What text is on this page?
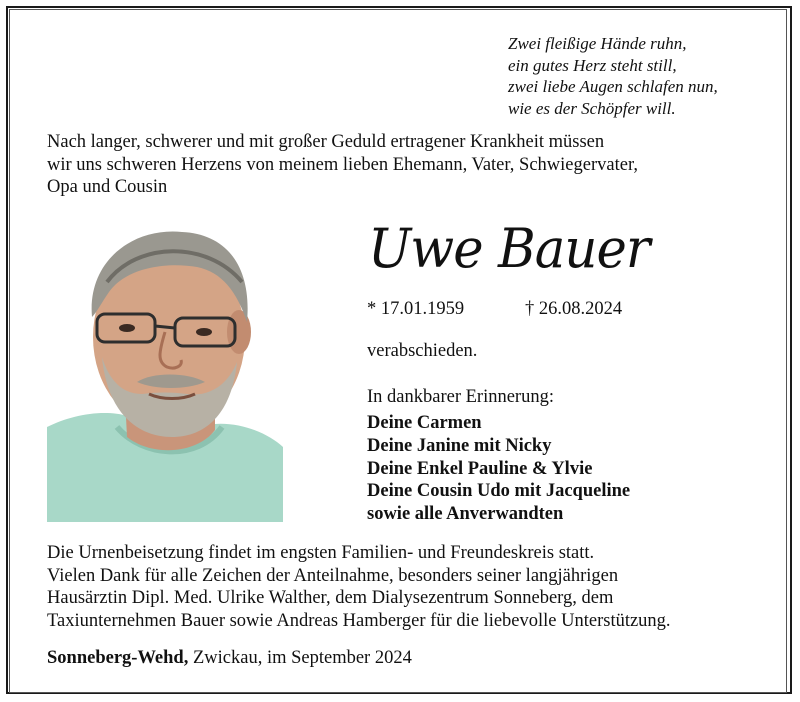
Zwei fleißige Hände ruhn,
ein gutes Herz steht still,
zwei liebe Augen schlafen nun,
wie es der Schöpfer will.
Nach langer, schwerer und mit großer Geduld ertragener Krankheit müssen
wir uns schweren Herzens von meinem lieben Ehemann, Vater, Schwiegervater,
Opa und Cousin
Uwe Bauer
* 17.01.1959	† 26.08.2024
verabschieden.
In dankbarer Erinnerung:
Deine Carmen
Deine Janine mit Nicky
Deine Enkel Pauline & Ylvie
Deine Cousin Udo mit Jacqueline
sowie alle Anverwandten

Die Urnenbeisetzung findet im engsten Familien- und Freundeskreis statt.

Vielen Dank für alle Zeichen der Anteilnahme, besonders seiner langjährigen

Hausärztin Dipl. Med. Ulrike Walther, dem Dialysezentrum Sonneberg, dem

Taxiunternehmen Bauer sowie Andreas Hamberger für die liebevolle Unterstützung.

Sonneberg-Wehd, Zwickau, im September 2024
